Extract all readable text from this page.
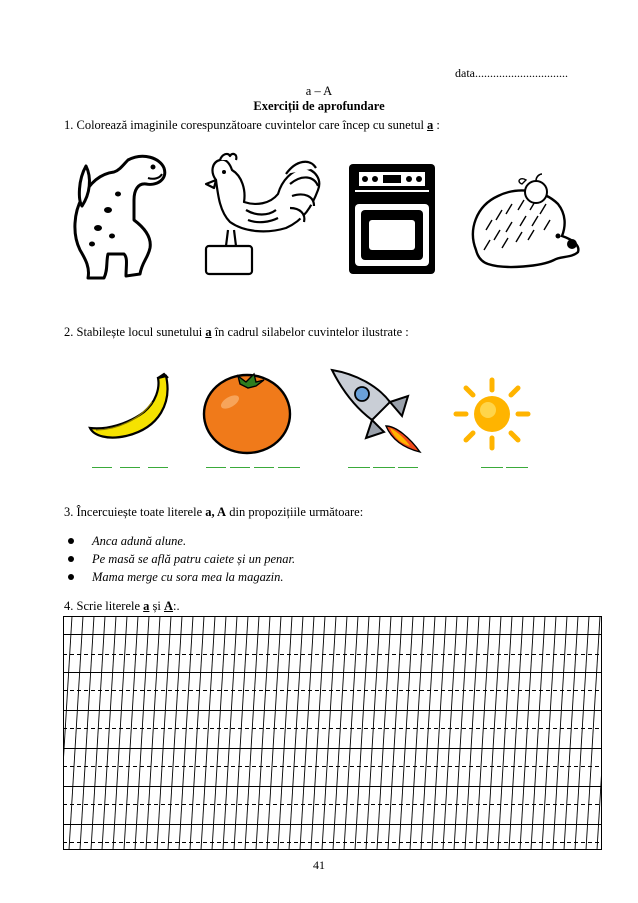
data...............................
a – A
Exerciții de aprofundare
1. Colorează imaginile corespunzătoare cuvintelor care încep cu sunetul a :
2. Stabilește locul sunetului a în cadrul silabelor cuvintelor ilustrate :
3. Încercuiește toate literele a, A din propozițiile următoare:
Anca adună alune.
Pe masă se află patru caiete și un penar.
Mama merge cu sora mea la magazin.
4. Scrie literele a și A:.
41
